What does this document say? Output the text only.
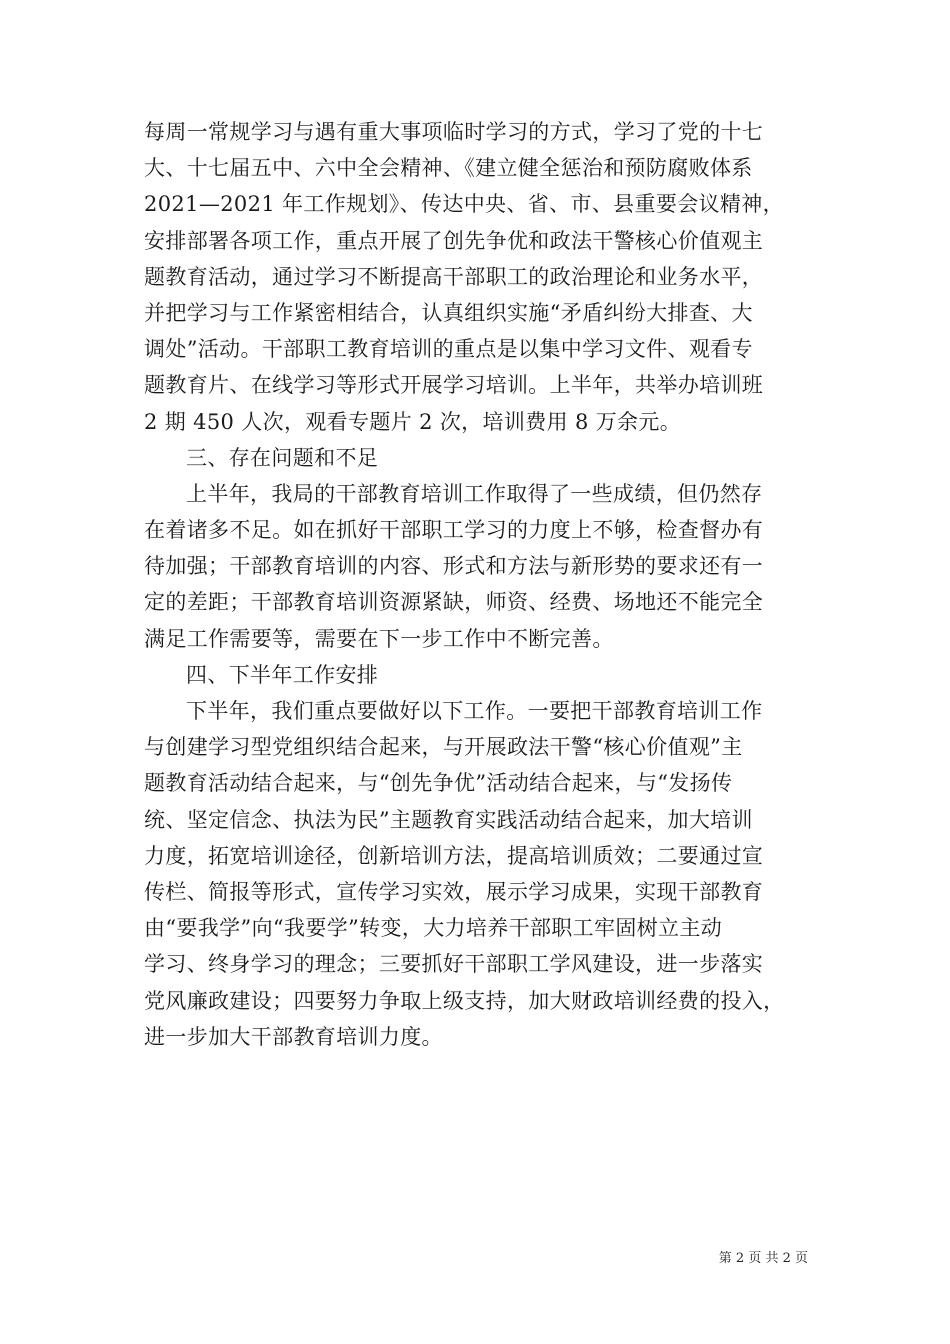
每周一常规学习与遇有重大事项临时学习的方式，学习了党的十七
大、十七届五中、六中全会精神、《建立健全惩治和预防腐败体系
2021—2021 年工作规划》、传达中央、省、市、县重要会议精神，
安排部署各项工作，重点开展了创先争优和政法干警核心价值观主
题教育活动，通过学习不断提高干部职工的政治理论和业务水平，
并把学习与工作紧密相结合，认真组织实施“矛盾纠纷大排查、大
调处”活动。干部职工教育培训的重点是以集中学习文件、观看专
题教育片、在线学习等形式开展学习培训。上半年，共举办培训班
2 期 450 人次，观看专题片 2 次，培训费用 8 万余元。
三、存在问题和不足
上半年，我局的干部教育培训工作取得了一些成绩，但仍然存
在着诸多不足。如在抓好干部职工学习的力度上不够，检查督办有
待加强；干部教育培训的内容、形式和方法与新形势的要求还有一
定的差距；干部教育培训资源紧缺，师资、经费、场地还不能完全
满足工作需要等，需要在下一步工作中不断完善。
四、下半年工作安排
下半年，我们重点要做好以下工作。一要把干部教育培训工作
与创建学习型党组织结合起来，与开展政法干警“核心价值观”主
题教育活动结合起来，与“创先争优”活动结合起来，与“发扬传
统、坚定信念、执法为民”主题教育实践活动结合起来，加大培训
力度，拓宽培训途径，创新培训方法，提高培训质效；二要通过宣
传栏、简报等形式，宣传学习实效，展示学习成果，实现干部教育
由“要我学”向“我要学”转变，大力培养干部职工牢固树立主动
学习、终身学习的理念；三要抓好干部职工学风建设，进一步落实
党风廉政建设；四要努力争取上级支持，加大财政培训经费的投入，
进一步加大干部教育培训力度。
第 2 页 共 2 页
